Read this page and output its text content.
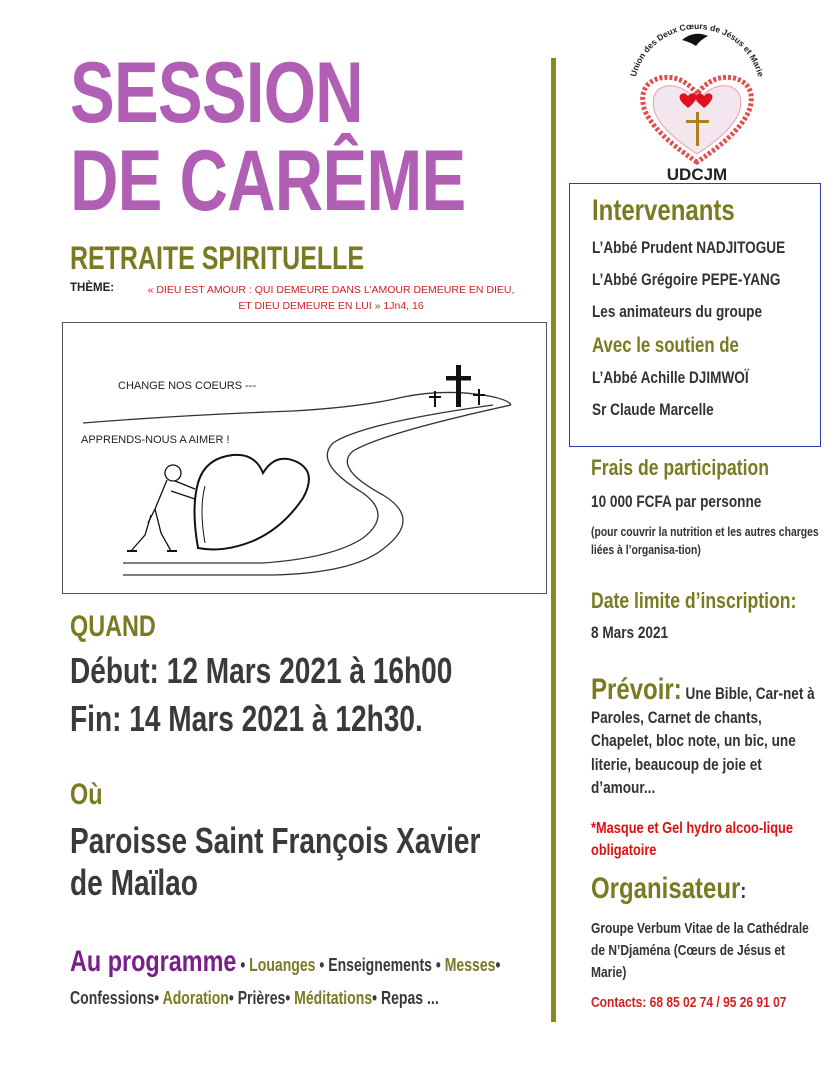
SESSION
DE CARÊME
RETRAITE SPIRITUELLE
THÈME:	« DIEU EST AMOUR : QUI DEMEURE DANS L’AMOUR DEMEURE EN DIEU,
ET DIEU DEMEURE EN LUI » 1Jn4, 16
CHANGE NOS COEURS ---
APPRENDS-NOUS A AIMER !
QUAND
Début: 12 Mars 2021 à 16h00
Fin: 14 Mars 2021 à 12h30.
Où
Paroisse Saint François Xavier
de Maïlao
Au programme • Louanges • Enseignements • Messes•
Confessions• Adoration• Prières• Méditations• Repas ...
Union des Deux Cœurs de Jésus et Marie
UDCJM
Intervenants
L’Abbé Prudent NADJITOGUE
L’Abbé Grégoire PEPE-YANG
Les animateurs du groupe
Avec le soutien de
L’Abbé Achille DJIMWOÏ
Sr Claude Marcelle
Frais de participation
10 000 FCFA par personne
(pour couvrir la nutrition et les autres charges liées à l’organisa-tion)
Date limite d’inscription:
8 Mars 2021
Prévoir: Une Bible, Car-net à Paroles, Carnet de chants, Chapelet, bloc note, un bic, une literie, beaucoup de joie et d’amour...
*Masque et Gel hydro alcoo-lique obligatoire
Organisateur:
Groupe Verbum Vitae de la Cathédrale de N’Djaména (Cœurs de Jésus et Marie)
Contacts: 68 85 02 74 / 95 26 91 07
